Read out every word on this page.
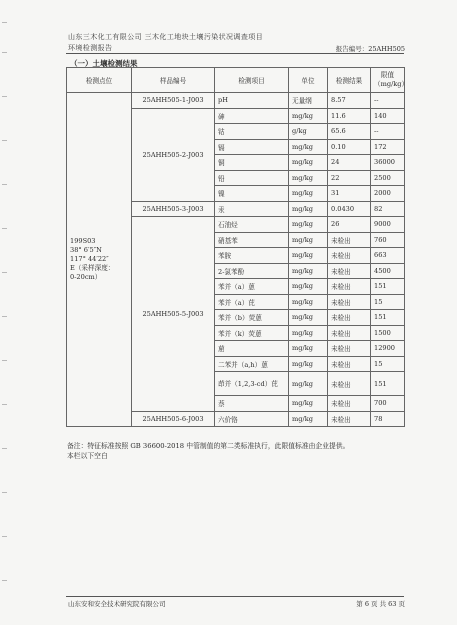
山东三木化工有限公司 三木化工地块土壤污染状况调查项目
环境检测报告	报告编号：25AHH505
（一）土壤检测结果
检测点位	样品编号	检测项目	单位	检测结果	限值
（mg/kg）

199S03
38° 6′5″N
117° 44′22″
E（采样深度：
0-20cm）	25AHH505-1-J003	pH	无量纲	8.57	--
	25AHH505-2-J003	砷	mg/kg	11.6	140
		钴	g/kg	65.6	--
		镉	mg/kg	0.10	172
		铜	mg/kg	24	36000
		铅	mg/kg	22	2500
		镍	mg/kg	31	2000
	25AHH505-3-J003	汞	mg/kg	0.0430	82
	25AHH505-5-J003	石油烃	mg/kg	26	9000
		硝基苯	mg/kg	未检出	760
		苯胺	mg/kg	未检出	663
		2-氯苯酚	mg/kg	未检出	4500
		苯并（a）蒽	mg/kg	未检出	151
		苯并（a）芘	mg/kg	未检出	15
		苯并（b）荧蒽	mg/kg	未检出	151
		苯并（k）荧蒽	mg/kg	未检出	1500
		䓛	mg/kg	未检出	12900
		二苯并（a,h）蒽	mg/kg	未检出	15
		茚并（1,2,3-cd）芘	mg/kg	未检出	151
		萘	mg/kg	未检出	700
	25AHH505-6-J003	六价铬	mg/kg	未检出	78
备注：特征标准按照 GB 36600-2018 中管制值的第二类标准执行，此限值标准由企业提供。
本栏以下空白
山东安和安全技术研究院有限公司	第 6 页 共 63 页
